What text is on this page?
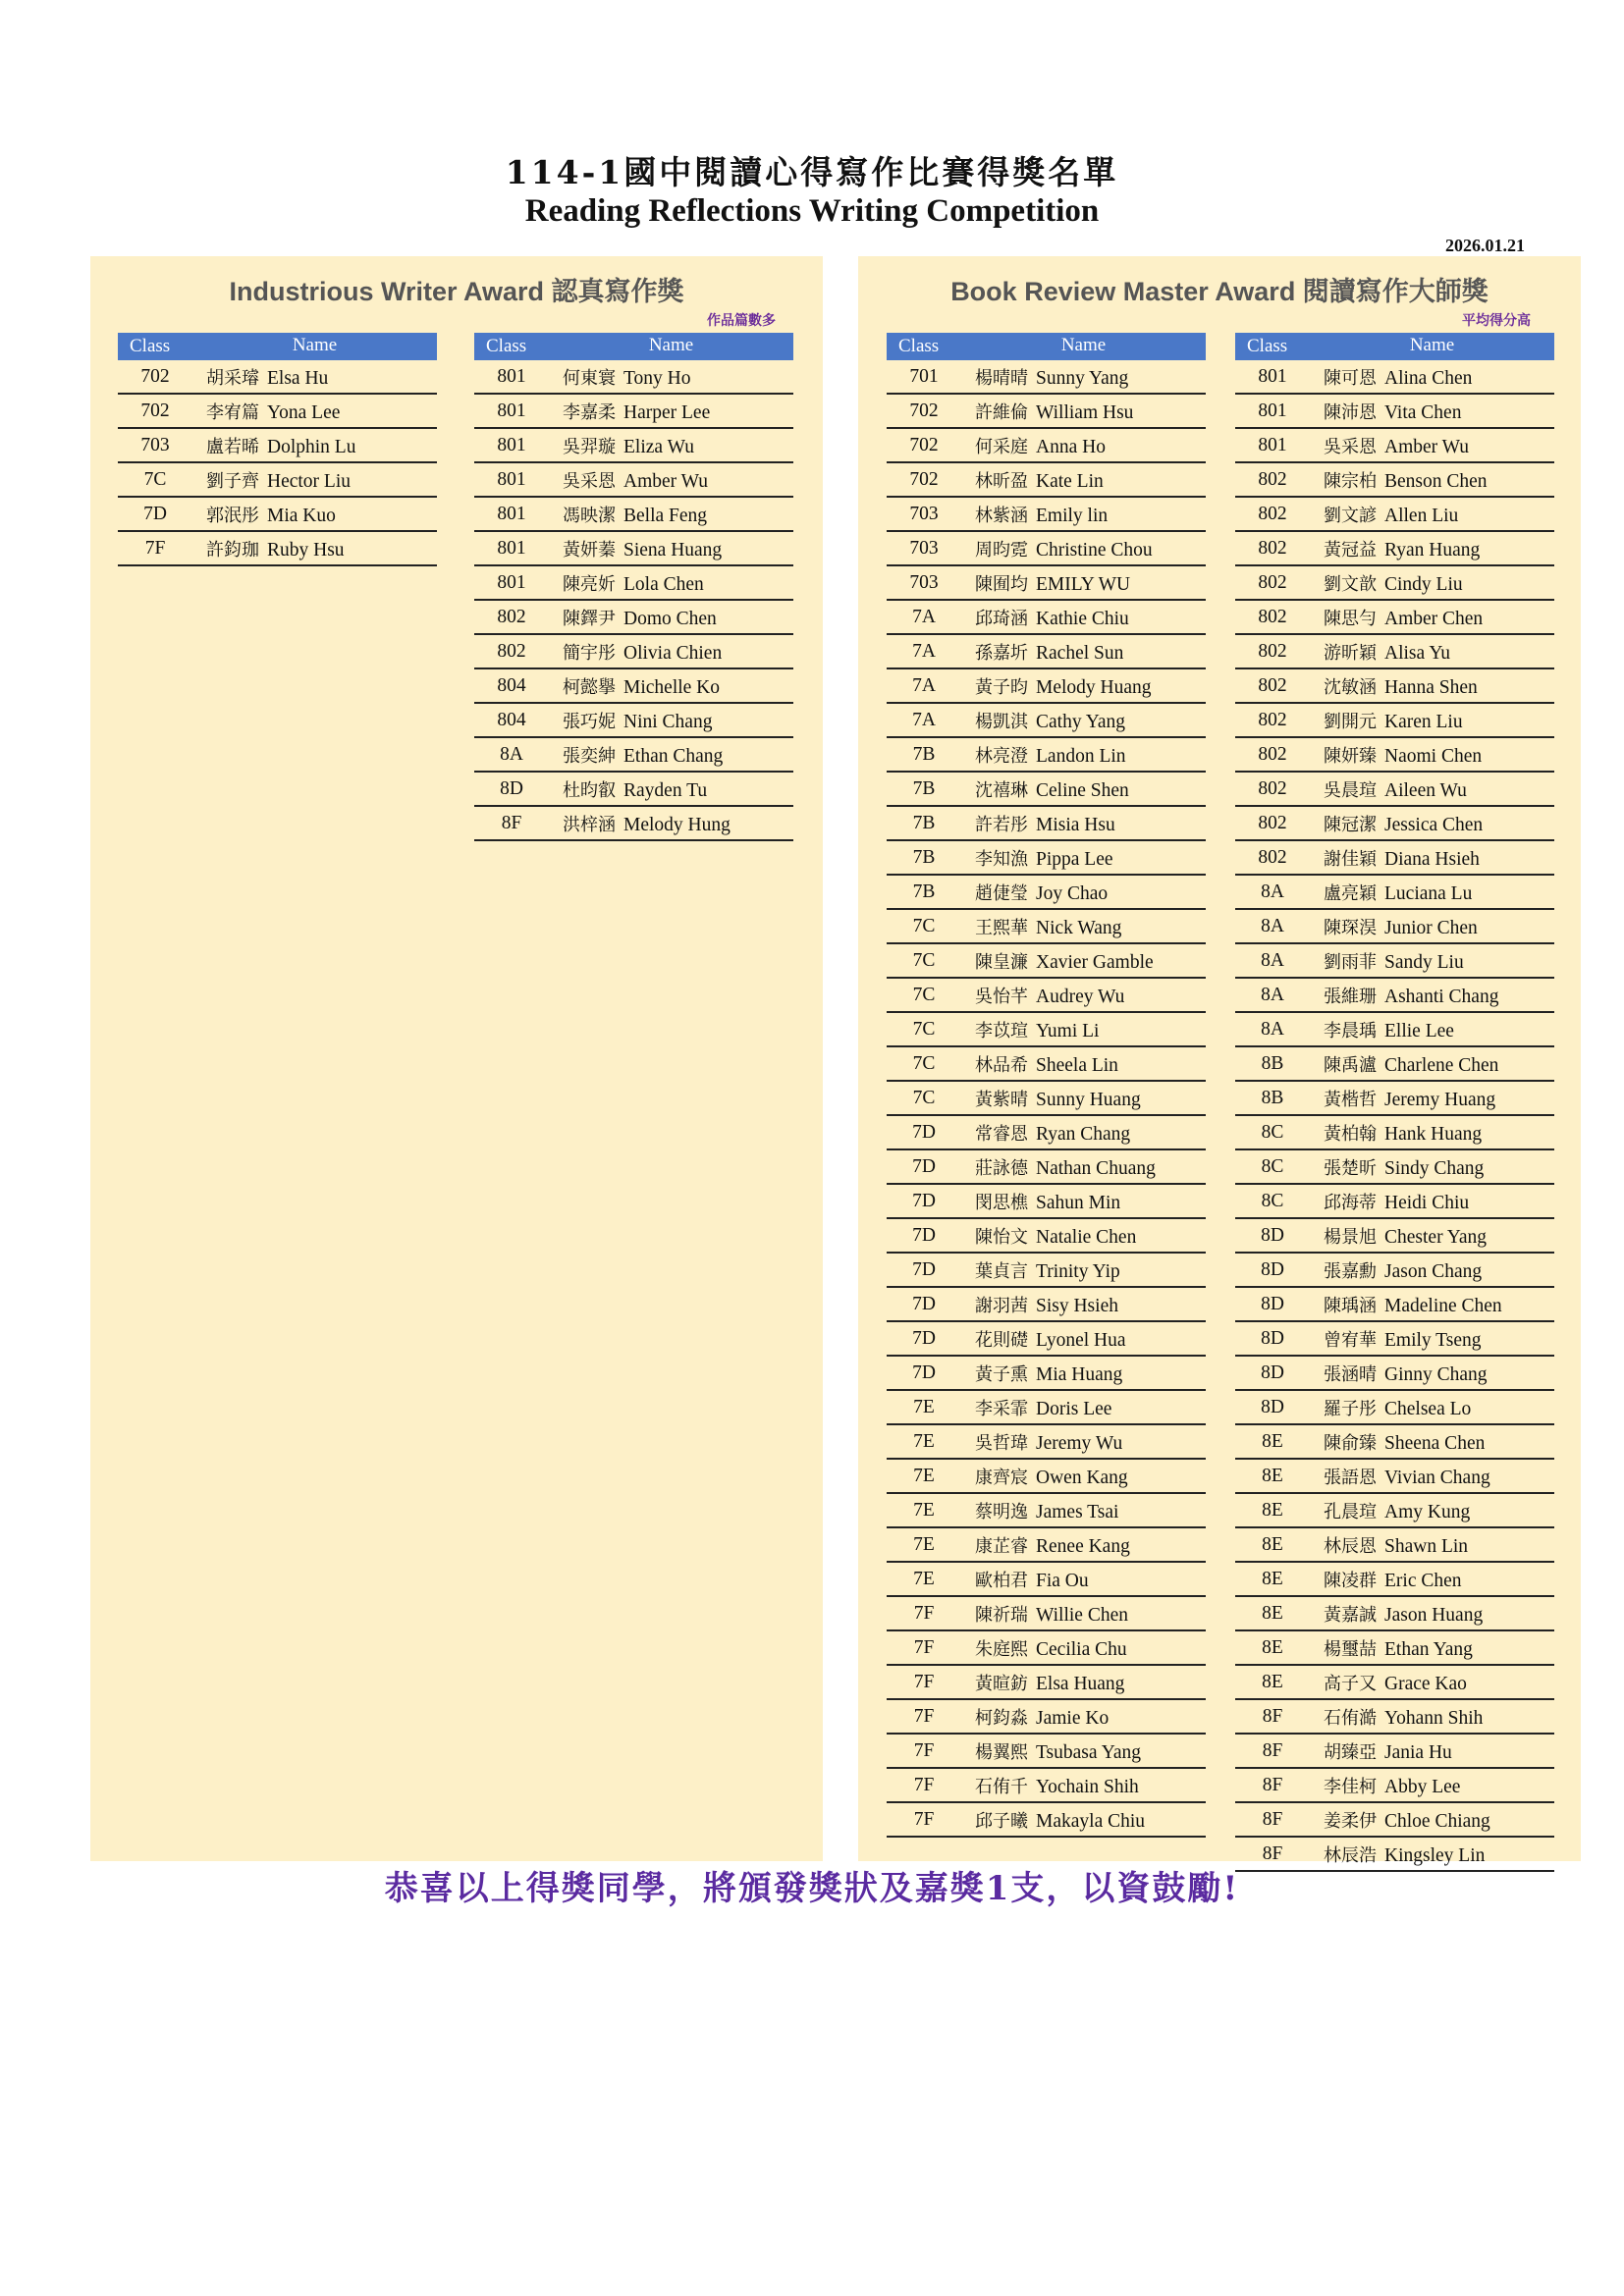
114-1國中閱讀心得寫作比賽得獎名單
Reading Reflections Writing Competition
2026.01.21
Industrious Writer Award 認真寫作獎
作品篇數多
Book Review Master Award 閱讀寫作大師獎
平均得分高
Class	Name
702	胡采璿 Elsa Hu
702	李宥篇 Yona Lee
703	盧若晞 Dolphin Lu
7C	劉子齊 Hector Liu
7D	郭泯彤 Mia Kuo
7F	許鈞珈 Ruby Hsu
Class	Name
801	何東寰 Tony Ho
801	李嘉柔 Harper Lee
801	吳羿璇 Eliza Wu
801	吳采恩 Amber Wu
801	馮映潔 Bella Feng
801	黃妍蓁 Siena Huang
801	陳亮妡 Lola Chen
802	陳鐸尹 Domo Chen
802	簡宇彤 Olivia Chien
804	柯懿擧 Michelle Ko
804	張巧妮 Nini Chang
8A	張奕紳 Ethan Chang
8D	杜昀叡 Rayden Tu
8F	洪梓涵 Melody Hung
Class	Name
701	楊晴晴 Sunny Yang
702	許維倫 William Hsu
702	何采庭 Anna Ho
702	林昕盈 Kate Lin
703	林紫涵 Emily lin
703	周昀霓 Christine Chou
703	陳囿均 EMILY WU
7A	邱琦涵 Kathie Chiu
7A	孫嘉圻 Rachel Sun
7A	黃子昀 Melody Huang
7A	楊凱淇 Cathy Yang
7B	林亮澄 Landon Lin
7B	沈禧琳 Celine Shen
7B	許若彤 Misia Hsu
7B	李知漁 Pippa Lee
7B	趙倢瑩 Joy Chao
7C	王熙華 Nick Wang
7C	陳皇濂 Xavier Gamble
7C	吳怡芊 Audrey Wu
7C	李苡瑄 Yumi Li
7C	林品希 Sheela Lin
7C	黃紫晴 Sunny Huang
7D	常睿恩 Ryan Chang
7D	莊詠德 Nathan Chuang
7D	閔思樵 Sahun Min
7D	陳怡文 Natalie Chen
7D	葉貞言 Trinity Yip
7D	謝羽茜 Sisy Hsieh
7D	花則礎 Lyonel Hua
7D	黃子熏 Mia Huang
7E	李采霏 Doris Lee
7E	吳哲瑋 Jeremy Wu
7E	康齊宸 Owen Kang
7E	蔡明逸 James Tsai
7E	康芷睿 Renee Kang
7E	歐柏君 Fia Ou
7F	陳祈瑞 Willie Chen
7F	朱庭熙 Cecilia Chu
7F	黃暄鈁 Elsa Huang
7F	柯鈞淼 Jamie Ko
7F	楊翼熙 Tsubasa Yang
7F	石侑千 Yochain Shih
7F	邱子曦 Makayla Chiu
Class	Name
801	陳可恩 Alina Chen
801	陳沛恩 Vita Chen
801	吳采恩 Amber Wu
802	陳宗柏 Benson Chen
802	劉文諺 Allen Liu
802	黃冠益 Ryan Huang
802	劉文歆 Cindy Liu
802	陳思勻 Amber Chen
802	游昕穎 Alisa Yu
802	沈敏涵 Hanna Shen
802	劉開元 Karen Liu
802	陳妍臻 Naomi Chen
802	吳晨瑄 Aileen Wu
802	陳冠潔 Jessica Chen
802	謝佳穎 Diana Hsieh
8A	盧亮穎 Luciana Lu
8A	陳琛淏 Junior Chen
8A	劉雨菲 Sandy Liu
8A	張維珊 Ashanti Chang
8A	李晨瑀 Ellie Lee
8B	陳禹瀘 Charlene Chen
8B	黃楷哲 Jeremy Huang
8C	黃柏翰 Hank Huang
8C	張楚昕 Sindy Chang
8C	邱海蒂 Heidi Chiu
8D	楊景旭 Chester Yang
8D	張嘉勳 Jason Chang
8D	陳瑀涵 Madeline Chen
8D	曾宥華 Emily Tseng
8D	張涵晴 Ginny Chang
8D	羅子彤 Chelsea Lo
8E	陳俞臻 Sheena Chen
8E	張語恩 Vivian Chang
8E	孔晨瑄 Amy Kung
8E	林辰恩 Shawn Lin
8E	陳凌群 Eric Chen
8E	黃嘉誠 Jason Huang
8E	楊璽喆 Ethan Yang
8E	高子又 Grace Kao
8F	石侑澔 Yohann Shih
8F	胡臻亞 Jania Hu
8F	李佳柯 Abby Lee
8F	姜柔伊 Chloe Chiang
8F	林辰浩 Kingsley Lin
恭喜以上得獎同學，將頒發獎狀及嘉獎1支，以資鼓勵!
